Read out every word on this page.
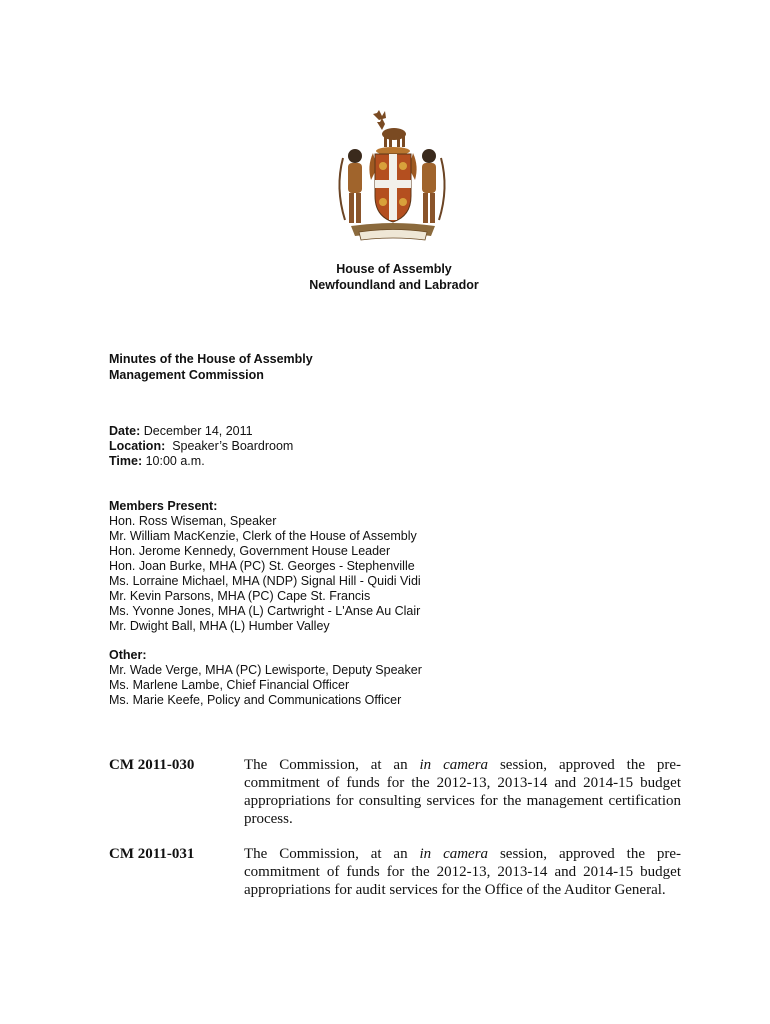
House of Assembly
Newfoundland and Labrador
Minutes of the House of Assembly
Management Commission
Date: December 14, 2011
Location:  Speaker’s Boardroom
Time: 10:00 a.m.
Members Present:
Hon. Ross Wiseman, Speaker
Mr. William MacKenzie, Clerk of the House of Assembly
Hon. Jerome Kennedy, Government House Leader
Hon. Joan Burke, MHA (PC) St. Georges - Stephenville
Ms. Lorraine Michael, MHA (NDP) Signal Hill - Quidi Vidi
Mr. Kevin Parsons, MHA (PC) Cape St. Francis
Ms. Yvonne Jones, MHA (L) Cartwright - L'Anse Au Clair
Mr. Dwight Ball, MHA (L) Humber Valley
Other:
Mr. Wade Verge, MHA (PC) Lewisporte, Deputy Speaker
Ms. Marlene Lambe, Chief Financial Officer
Ms. Marie Keefe, Policy and Communications Officer
CM 2011-030	The Commission, at an in camera session, approved the pre-commitment of funds for the 2012-13, 2013-14 and 2014-15 budget appropriations for consulting services for the management certification process.
CM 2011-031	The Commission, at an in camera session, approved the pre-commitment of funds for the 2012-13, 2013-14 and 2014-15 budget appropriations for audit services for the Office of the Auditor General.
